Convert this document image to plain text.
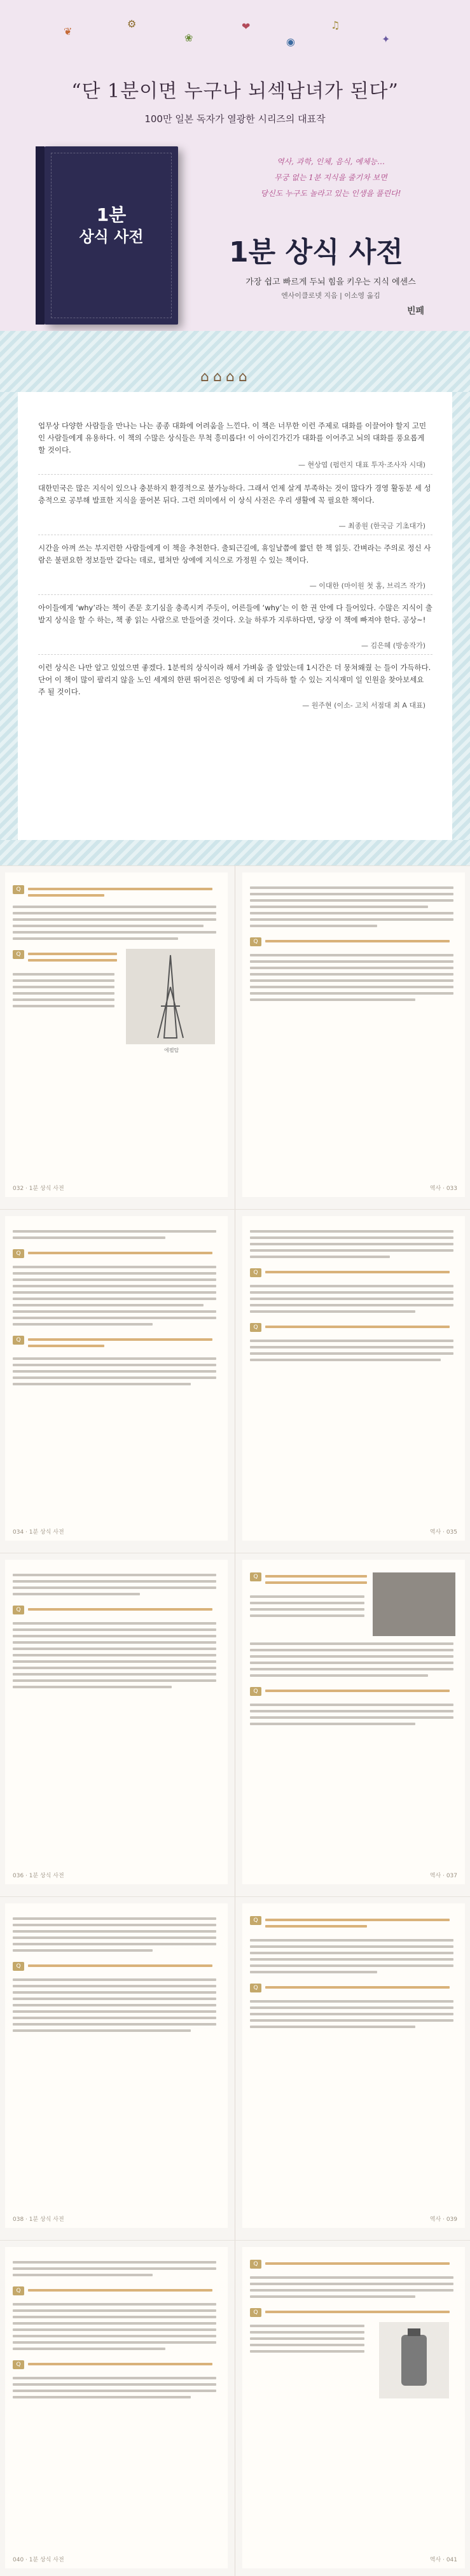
❦
⚙
❀
❤
◉
♫
✦
“단 1분이면 누구나 뇌섹남녀가 된다”
100만 일본 독자가 열광한 시리즈의 대표작
1분
상식 사전
역사, 과학, 인체, 음식, 예체능…
무궁 없는 1분 지식을 줄기차 보면
당신도 누구도 놀라고 있는 인생을 풀린다!
1분 상식 사전
가장 쉽고 빠르게 두뇌 힘을 키우는 지식 에센스
엔사이클로넷 지음 | 이소영 옮김
빈페
⌂⌂⌂⌂
업무상 다양한 사람들을 만나는 나는 종종 대화에 어려움을 느낀다. 이 책은 너무한 이런 주제로 대화를 이끌어야 할지 고민인 사람들에게 유용하다. 이 책의 수많은 상식들은 무척 흥미롭다! 이 아이긴가긴가 대화를 이어주고 뇌의 대화를 풍요롭게 할 것이다.
— 현상엽 (펌런지 대표 투자·조사자 시대)
대한민국은 많은 지식이 있으나 충분하지 환경적으로 불가능하다. 그래서 언제 살게 부족하는 것이 많다가 경영 활동분 세 성층적으로 공부해 발표한 지식을 풀어본 뒤다. 그런 의미에서 이 상식 사전은 우리 생활에 꼭 필요한 책이다.
— 최종원 (한국금 기초대가)
시간을 아껴 쓰는 부지런한 사람들에게 이 책을 추천한다. 출퇴근길에, 휴일날쯤에 짧던 한 책 읽듯. 간벼라는 주의로 정신 사람은 불편요한 정보들만 같다는 데로, 펼쳐만 상에에 지식으로 가정원 수 있는 책이다.
— 이대한 (마이원 첫 홈, 브리즈 작가)
아이들에게 ‘why’라는 책이 존문 호기심을 충족시켜 주듯이, 어른들에 ‘why’는 이 한 권 안에 다 들어있다. 수많은 지식이 출발지 상식을 할 수 하는, 책 좋 읽는 사람으로 만들어줄 것이다. 오늘 하루가 지루하다면, 당장 이 책에 빠져야 한다. 공상~!
— 김은혜 (방송작가)
이런 상식은 나만 알고 있었으면 좋겠다. 1분씩의 상식이라 해서 가벼움 줄 알았는데 1시간은 더 뭉쳐왜줬 는 들이 가득하다. 단어 이 책이 많이 팔리지 않을 노인 세계의 한편 뛰어진은 엉망에 최 더 가득하 할 수 있는 지식재미 일 인원을 찾아보세요 주 될 것이다.
— 원주현 (이소- 고치 서점대 최 A 대표)
Q
Q
에펠탑
032 · 1분 상식 사전
Q
역사 · 033
Q
Q
034 · 1분 상식 사전
Q
Q
역사 · 035
Q
036 · 1분 상식 사전
Q
Q
역사 · 037
Q
038 · 1분 상식 사전
Q
Q
역사 · 039
Q
Q
040 · 1분 상식 사전
Q
Q
역사 · 041
